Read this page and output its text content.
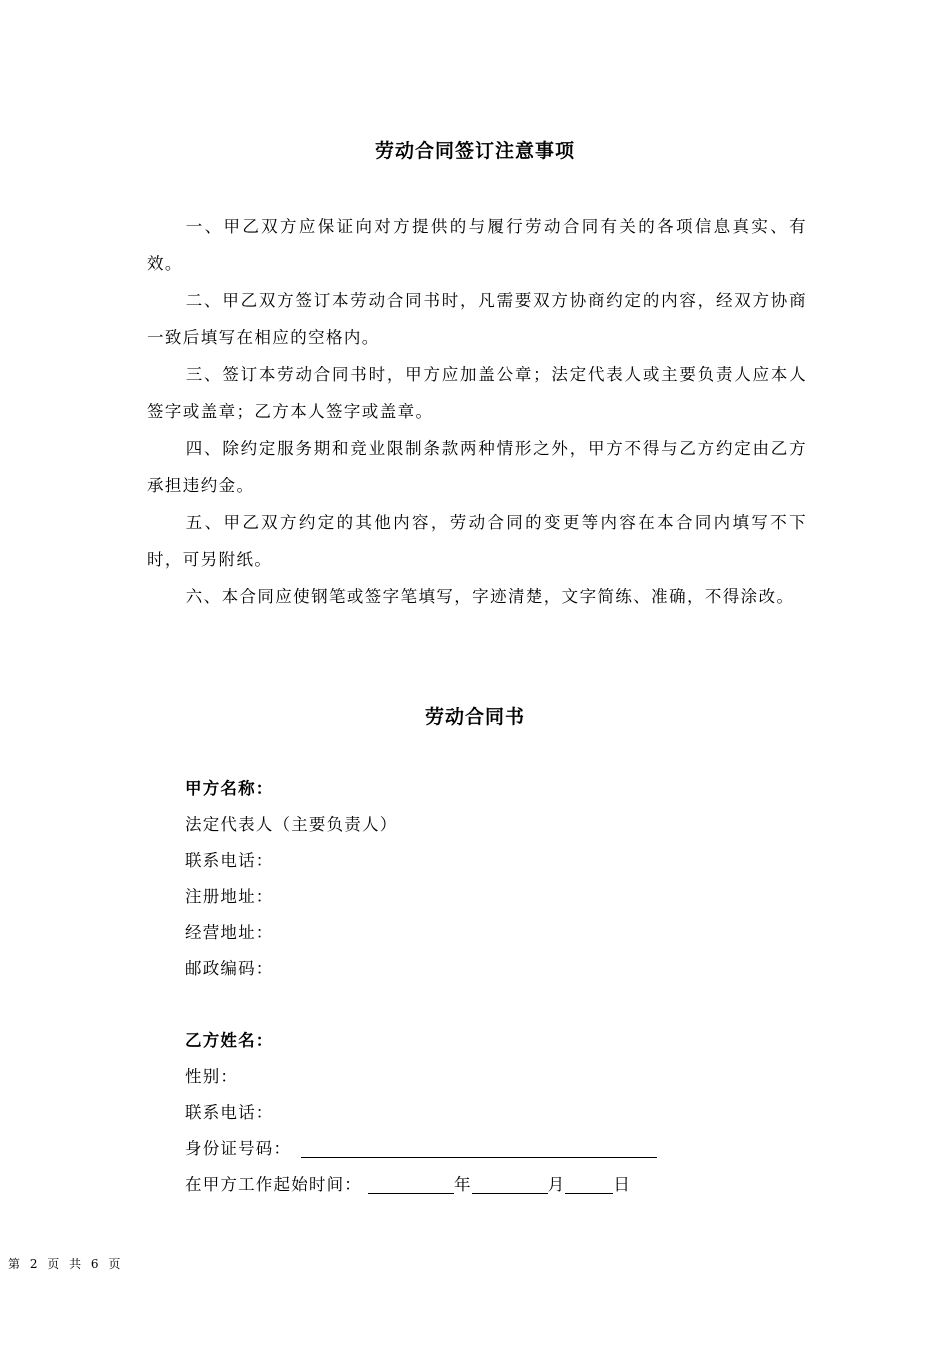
劳动合同签订注意事项

一、甲乙双方应保证向对方提供的与履行劳动合同有关的各项信息真实、有效。

二、甲乙双方签订本劳动合同书时，凡需要双方协商约定的内容，经双方协商一致后填写在相应的空格内。

三、签订本劳动合同书时，甲方应加盖公章；法定代表人或主要负责人应本人签字或盖章；乙方本人签字或盖章。

四、除约定服务期和竞业限制条款两种情形之外，甲方不得与乙方约定由乙方承担违约金。

五、甲乙双方约定的其他内容，劳动合同的变更等内容在本合同内填写不下时，可另附纸。

六、本合同应使钢笔或签字笔填写，字迹清楚，文字简练、准确，不得涂改。

劳动合同书
甲方名称：
法定代表人（主要负责人）
联系电话：
注册地址：
经营地址：
邮政编码：
乙方姓名：
性别：
联系电话：
身份证号码：
在甲方工作起始时间：	年	月	日
第 2 页 共 6 页
